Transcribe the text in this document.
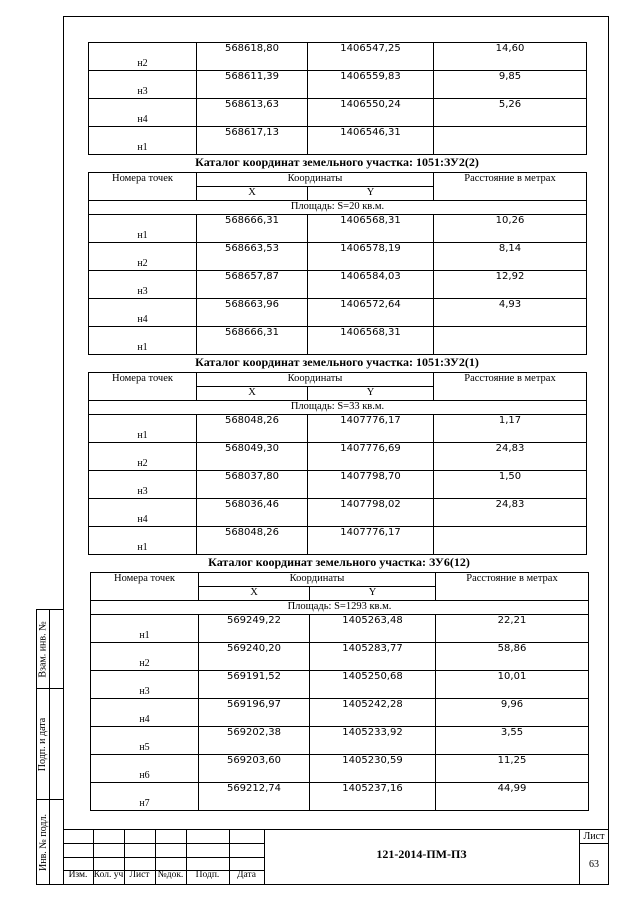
Взам. инв. №
Подп. и дата
Инв. № подл.
н2	568618,80	1406547,25	14,60

н3	568611,39	1406559,83	9,85

н4	568613,63	1406550,24	5,26

н1	568617,13	1406546,31	
Каталог координат земельного участка: 1051:ЗУ2(2)
Номера точек	Координаты		Расстояние в метрах
	X	Y	
Площадь: S=20 кв.м.			

н1	568666,31	1406568,31	10,26

н2	568663,53	1406578,19	8,14

н3	568657,87	1406584,03	12,92

н4	568663,96	1406572,64	4,93

н1	568666,31	1406568,31	
Каталог координат земельного участка: 1051:ЗУ2(1)
Номера точек	Координаты		Расстояние в метрах
	X	Y	
Площадь: S=33 кв.м.			

н1	568048,26	1407776,17	1,17

н2	568049,30	1407776,69	24,83

н3	568037,80	1407798,70	1,50

н4	568036,46	1407798,02	24,83

н1	568048,26	1407776,17	
Каталог координат земельного участка: ЗУ6(12)
Номера точек	Координаты		Расстояние в метрах
	X	Y	
Площадь: S=1293 кв.м.			

н1	569249,22	1405263,48	22,21

н2	569240,20	1405283,77	58,86

н3	569191,52	1405250,68	10,01

н4	569196,97	1405242,28	9,96

н5	569202,38	1405233,92	3,55

н6	569203,60	1405230,59	11,25

н7	569212,74	1405237,16	44,99
Изм. Кол. уч Лист №док.	Подп.	Дата
121-2014-ПМ-ПЗ
Лист
63
